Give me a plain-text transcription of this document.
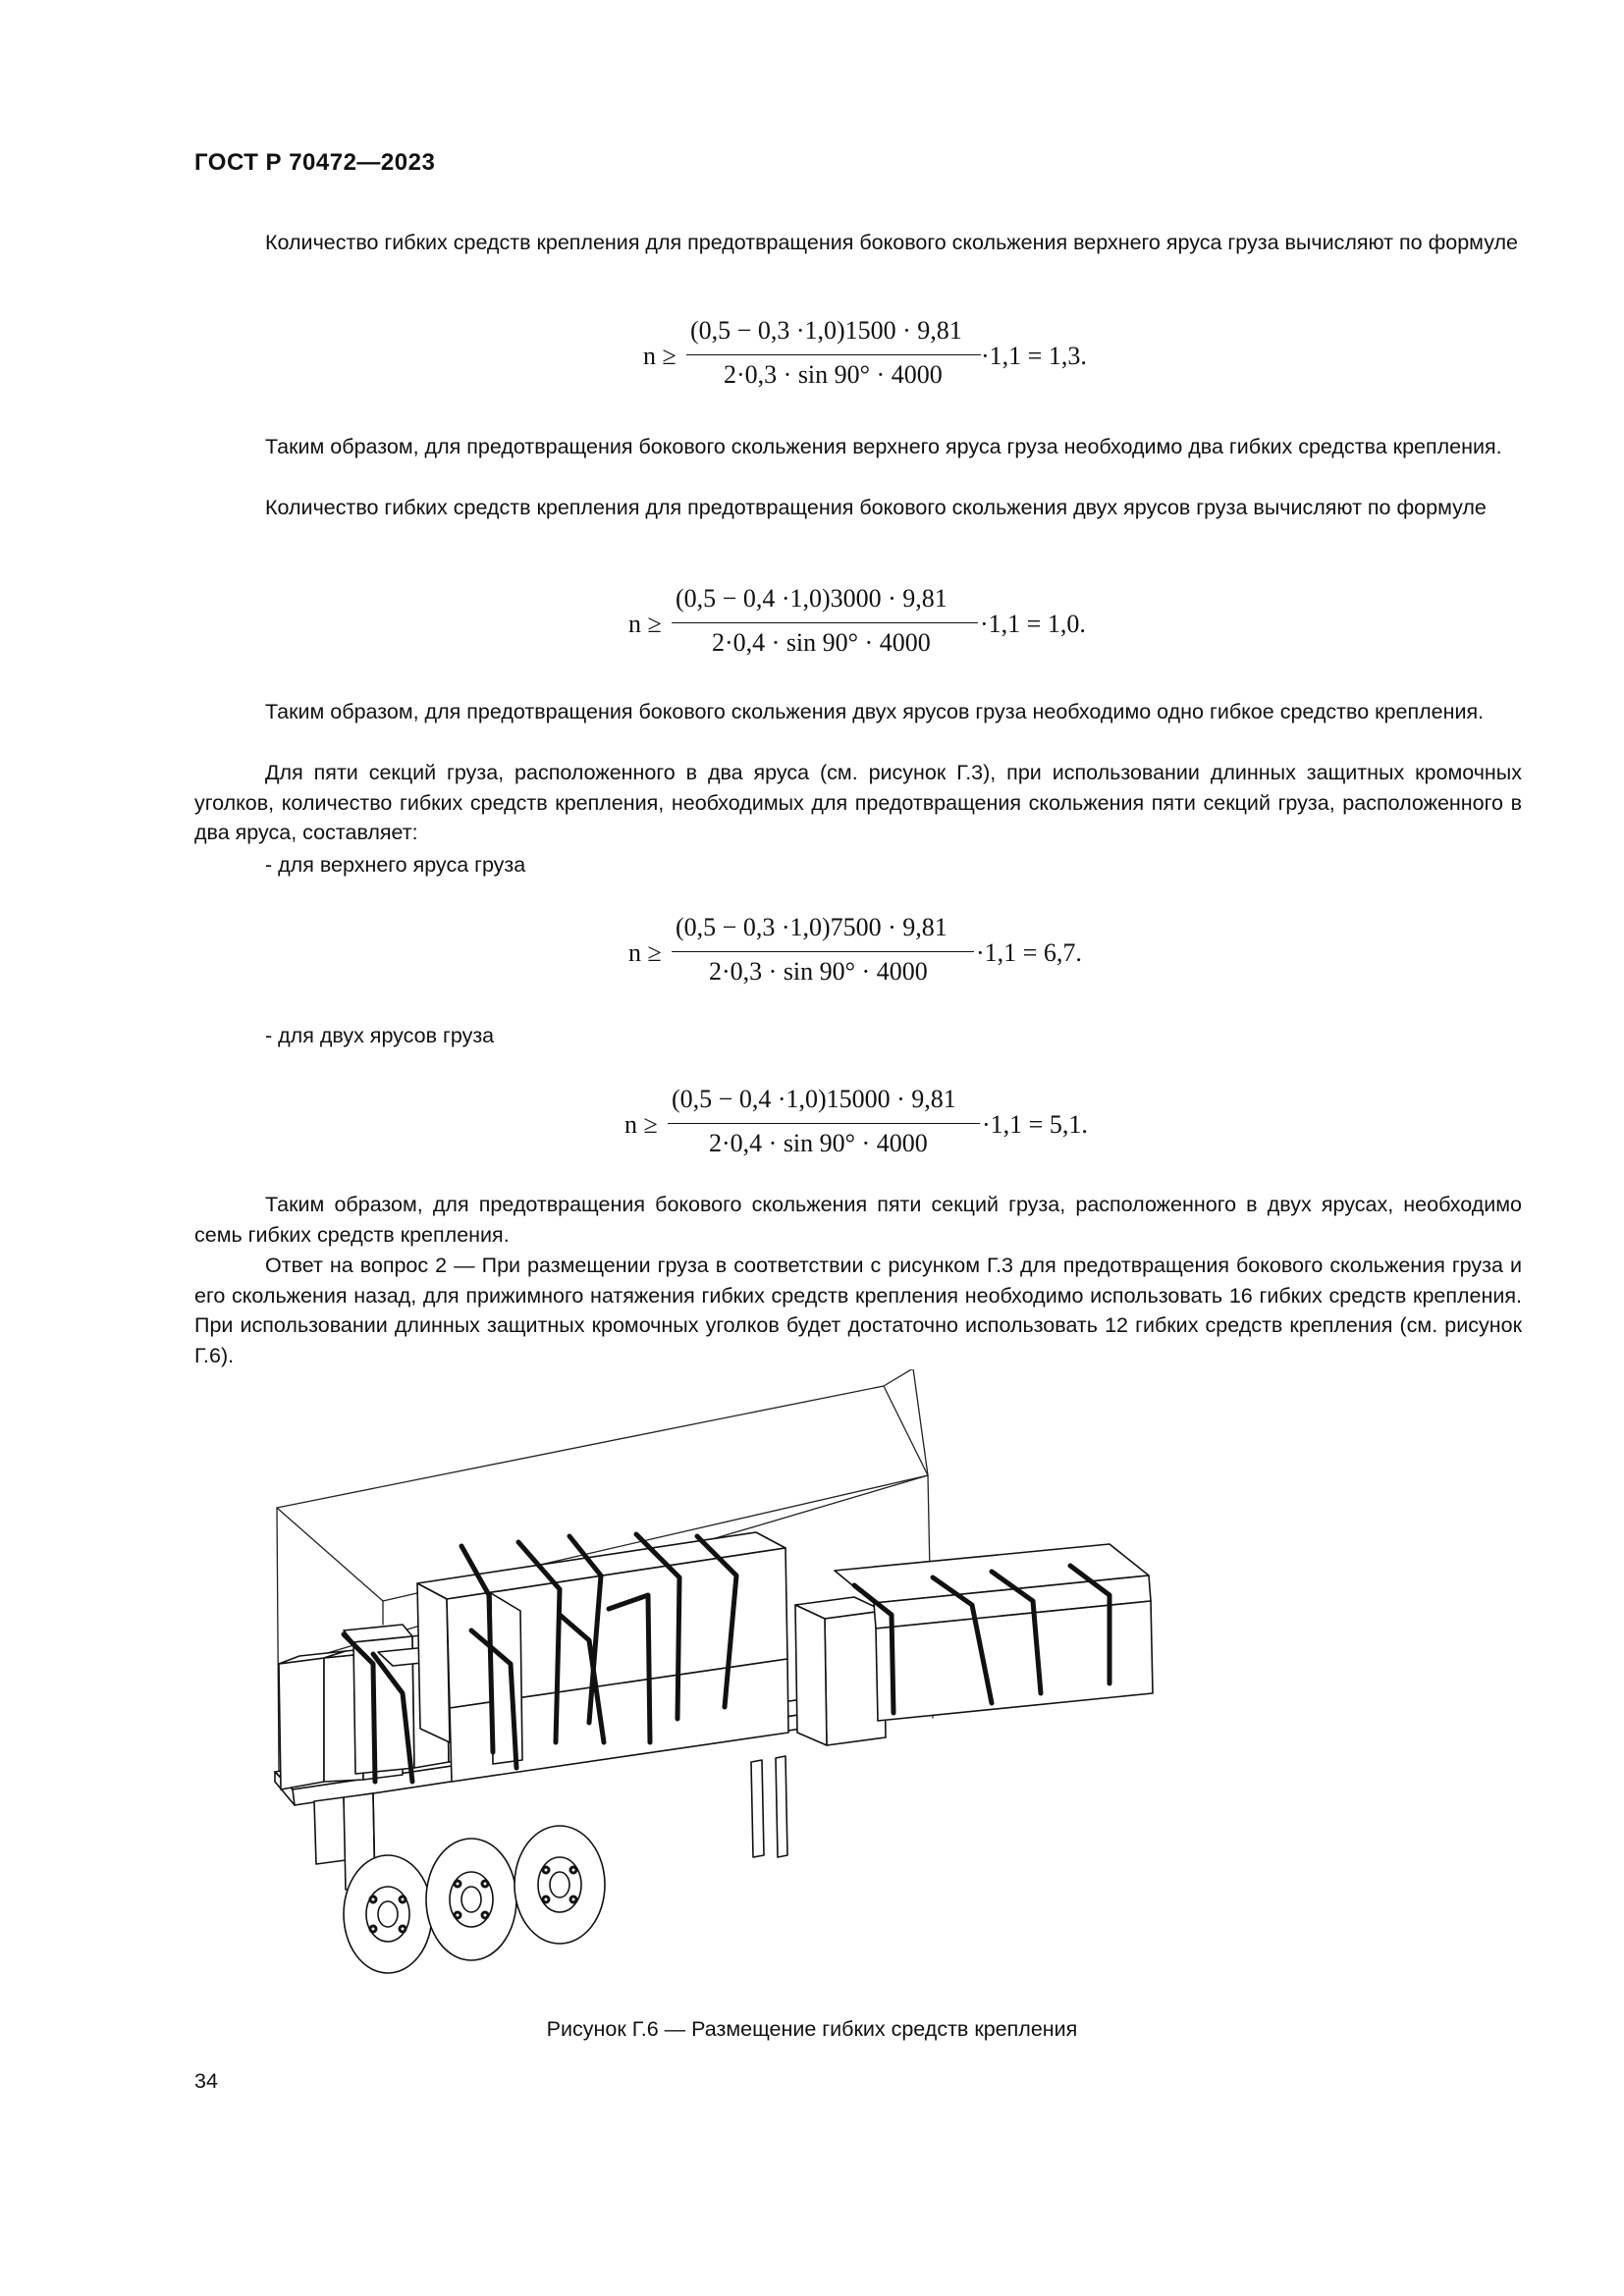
ГОСТ Р 70472—2023

Количество гибких средств крепления для предотвращения бокового скольжения верхнего яруса груза вычисляют по формуле

n ≥
(0,5 − 0,3 ·1,0)1500 · 9,81
2·0,3 · sin 90° · 4000
·1,1 = 1,3.

Таким образом, для предотвращения бокового скольжения верхнего яруса груза необходимо два гибких средства крепления.

Количество гибких средств крепления для предотвращения бокового скольжения двух ярусов груза вычисляют по формуле

n ≥
(0,5 − 0,4 ·1,0)3000 · 9,81
2·0,4 · sin 90° · 4000
·1,1 = 1,0.

Таким образом, для предотвращения бокового скольжения двух ярусов груза необходимо одно гибкое средство крепления.

Для пяти секций груза, расположенного в два яруса (см. рисунок Г.3), при использовании длинных защитных кромочных уголков, количество гибких средств крепления, необходимых для предотвращения скольжения пяти секций груза, расположенного в два яруса, составляет:

- для верхнего яруса груза

n ≥
(0,5 − 0,3 ·1,0)7500 · 9,81
2·0,3 · sin 90° · 4000
·1,1 = 6,7.

- для двух ярусов груза

n ≥
(0,5 − 0,4 ·1,0)15000 · 9,81
2·0,4 · sin 90° · 4000
·1,1 = 5,1.

Таким образом, для предотвращения бокового скольжения пяти секций груза, расположенного в двух ярусах, необходимо семь гибких средств крепления.

Ответ на вопрос 2 — При размещении груза в соответствии с рисунком Г.3 для предотвращения бокового скольжения груза и его скольжения назад, для прижимного натяжения гибких средств крепления необходимо использовать 16 гибких средств крепления. При использовании длинных защитных кромочных уголков будет достаточно использовать 12 гибких средств крепления (см. рисунок Г.6).

Рисунок Г.6 — Размещение гибких средств крепления
34
